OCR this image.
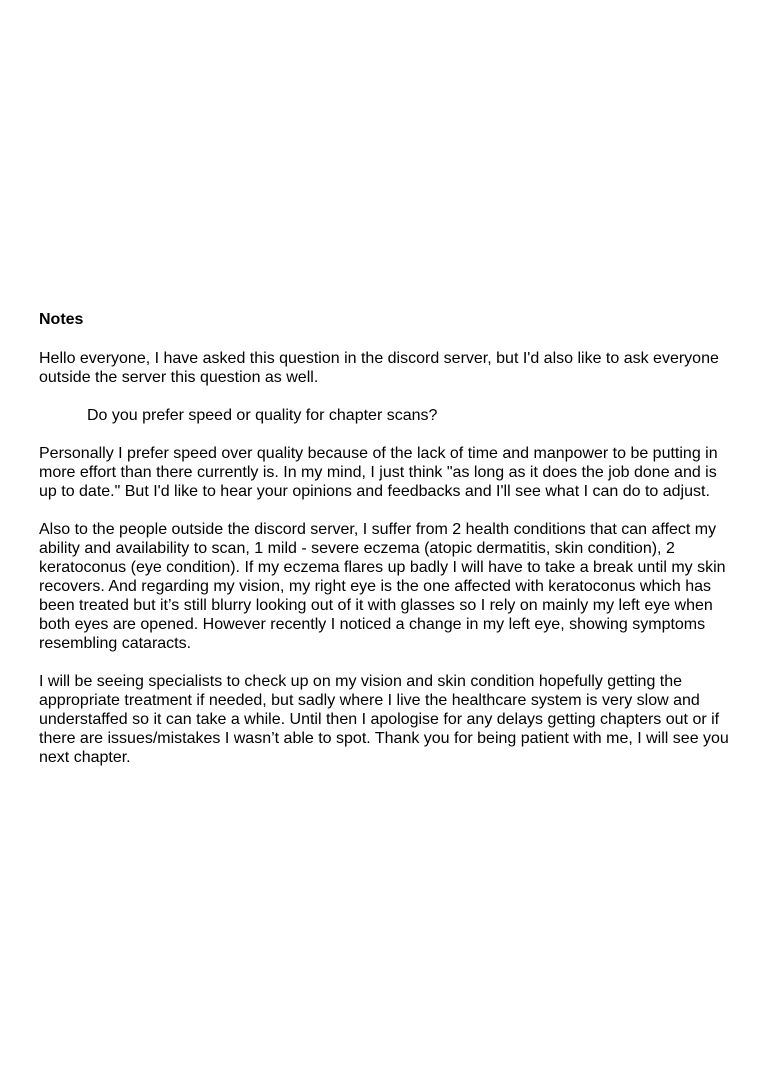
Notes

Hello everyone, I have asked this question in the discord server, but I'd also like to ask everyone outside the server this question as well.

Do you prefer speed or quality for chapter scans?

Personally I prefer speed over quality because of the lack of time and manpower to be putting in more effort than there currently is. In my mind, I just think "as long as it does the job done and is up to date." But I'd like to hear your opinions and feedbacks and I'll see what I can do to adjust.

Also to the people outside the discord server, I suffer from 2 health conditions that can affect my ability and availability to scan, 1 mild - severe eczema (atopic dermatitis, skin condition), 2 keratoconus (eye condition). If my eczema flares up badly I will have to take a break until my skin recovers. And regarding my vision, my right eye is the one affected with keratoconus which has been treated but it’s still blurry looking out of it with glasses so I rely on mainly my left eye when both eyes are opened. However recently I noticed a change in my left eye, showing symptoms resembling cataracts.

I will be seeing specialists to check up on my vision and skin condition hopefully getting the appropriate treatment if needed, but sadly where I live the healthcare system is very slow and understaffed so it can take a while. Until then I apologise for any delays getting chapters out or if there are issues/mistakes I wasn’t able to spot. Thank you for being patient with me, I will see you next chapter.
